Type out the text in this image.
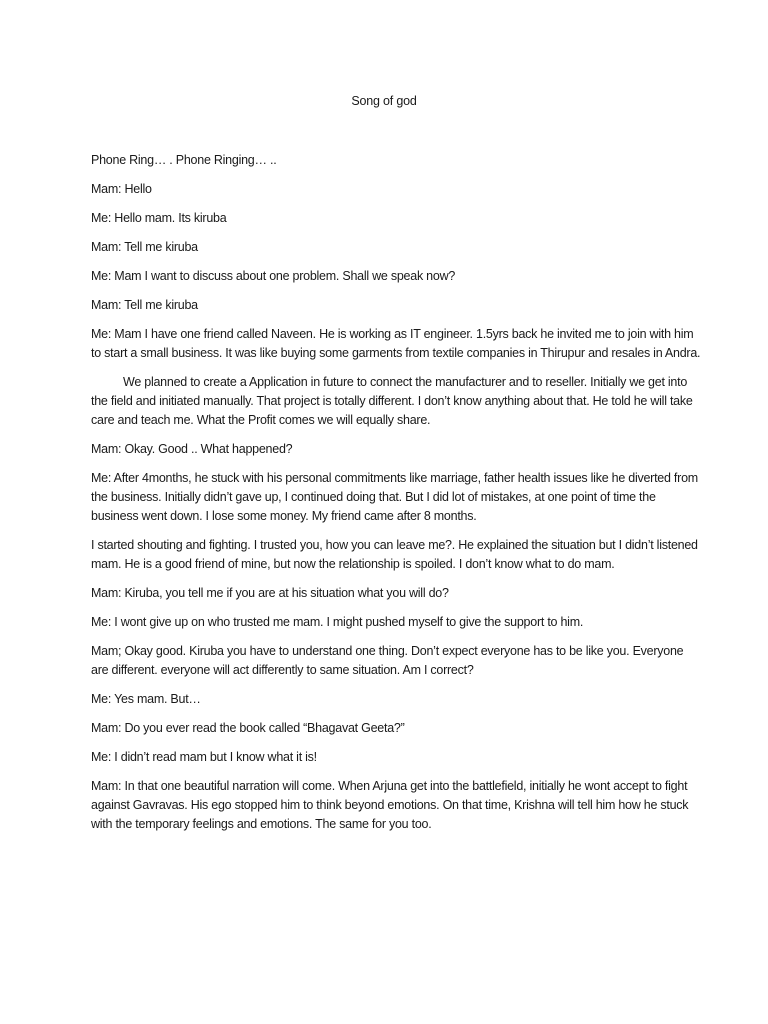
Song of god

Phone Ring… . Phone Ringing… ..

Mam: Hello

Me: Hello mam. Its kiruba

Mam: Tell me kiruba

Me: Mam I want to discuss about one problem. Shall we speak now?

Mam: Tell me kiruba

Me: Mam I have one friend called Naveen. He is working as IT engineer. 1.5yrs back he invited me to join with him to start a small business. It was like buying some garments from textile companies in Thirupur and resales in Andra.

We planned to create a Application in future to connect the manufacturer and to reseller. Initially we get into the field and initiated manually. That project is totally different. I don’t know anything about that. He told he will take care and teach me. What the Profit comes we will equally share.

Mam: Okay. Good .. What happened?

Me: After 4months, he stuck with his personal commitments like marriage, father health issues like he diverted from the business. Initially didn’t gave up, I continued doing that. But I did lot of mistakes, at one point of time the business went down. I lose some money. My friend came after 8 months.

I started shouting and fighting. I trusted you, how you can leave me?. He explained the situation but I didn’t listened mam. He is a good friend of mine, but now the relationship is spoiled. I don’t know what to do mam.

Mam: Kiruba, you tell me if you are at his situation what you will do?

Me: I wont give up on who trusted me mam. I might pushed myself to give the support to him.

Mam; Okay good. Kiruba you have to understand one thing. Don’t expect everyone has to be like you. Everyone are different. everyone will act differently to same situation. Am I correct?

Me: Yes mam. But…

Mam: Do you ever read the book called “Bhagavat Geeta?”

Me: I didn’t read mam but I know what it is!

Mam: In that one beautiful narration will come. When Arjuna get into the battlefield, initially he wont accept to fight against Gavravas. His ego stopped him to think beyond emotions. On that time, Krishna will tell him how he stuck with the temporary feelings and emotions. The same for you too.
